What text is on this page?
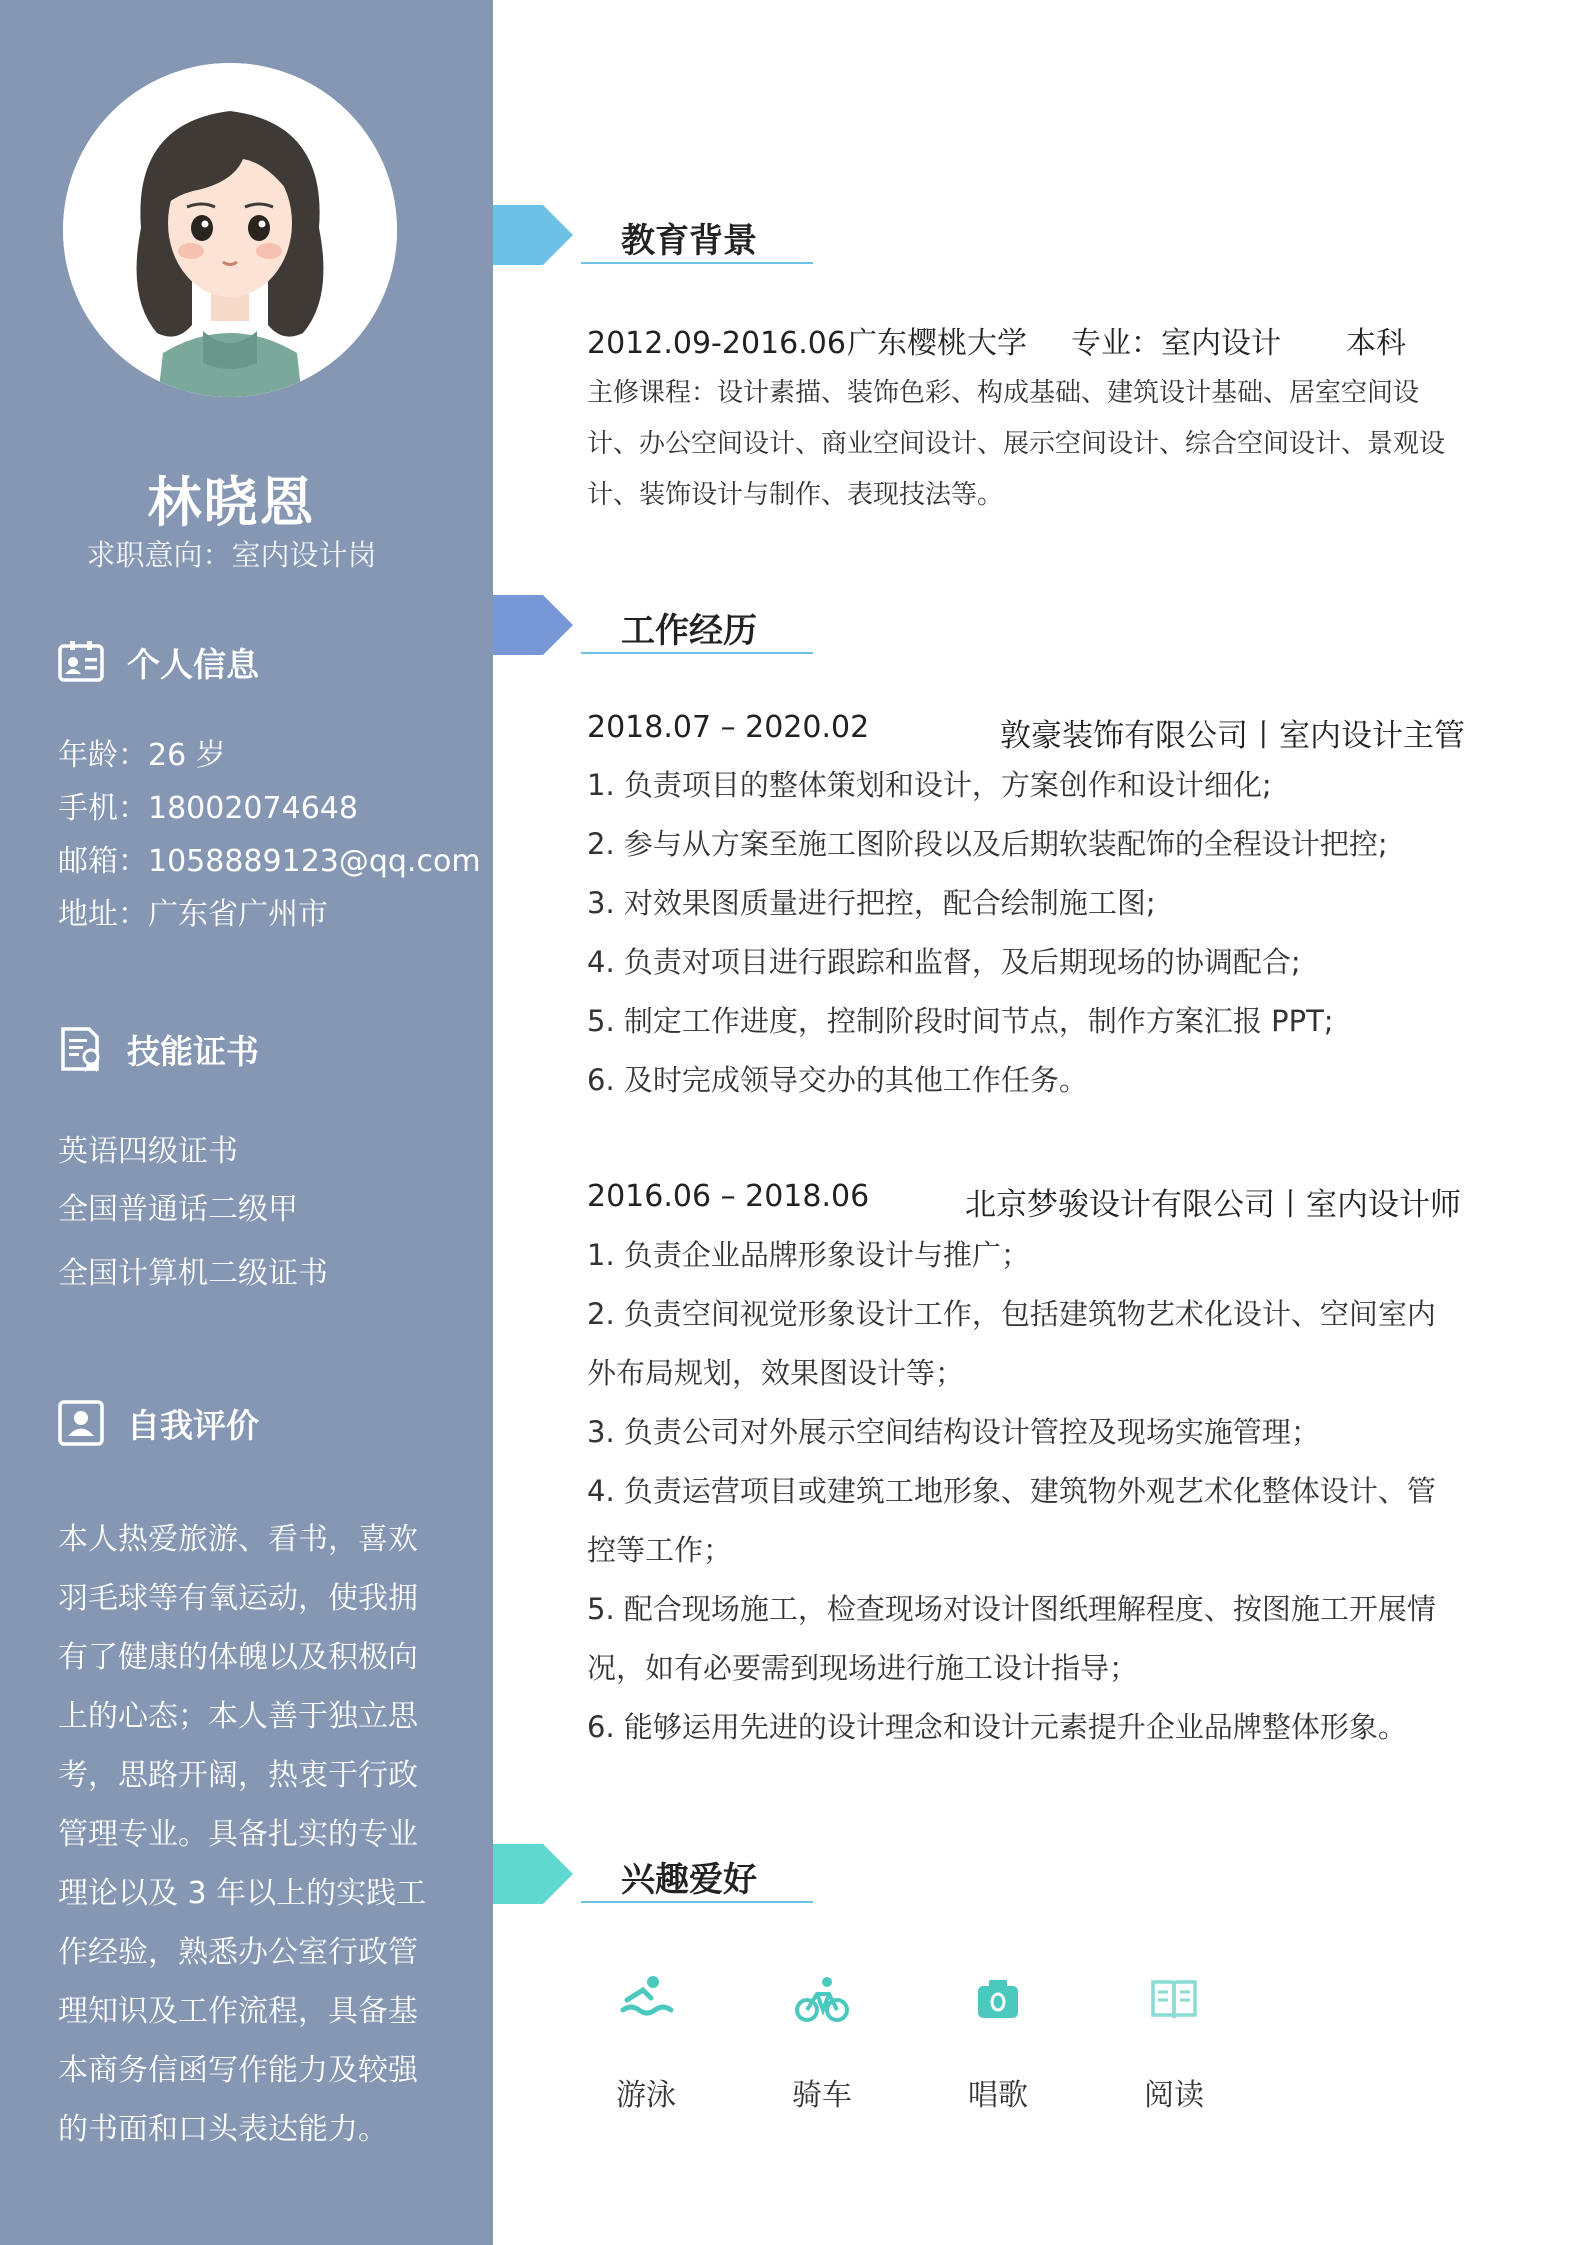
林晓恩
求职意向：室内设计岗
个人信息
年龄：26 岁
手机：18002074648
邮箱：1058889123@qq.com
地址：广东省广州市
技能证书
英语四级证书
全国普通话二级甲
全国计算机二级证书
自我评价
本人热爱旅游、看书，喜欢羽毛球等有氧运动，使我拥有了健康的体魄以及积极向上的心态；本人善于独立思考，思路开阔，热衷于行政管理专业。具备扎实的专业理论以及 3 年以上的实践工作经验，熟悉办公室行政管理知识及工作流程，具备基本商务信函写作能力及较强的书面和口头表达能力。
教育背景
2012.09-2016.06广东樱桃大学 专业：室内设计 本科
主修课程：设计素描、装饰色彩、构成基础、建筑设计基础、居室空间设计、办公空间设计、商业空间设计、展示空间设计、综合空间设计、景观设计、装饰设计与制作、表现技法等。
工作经历
2018.07 – 2020.02	敦豪装饰有限公司丨室内设计主管
1. 负责项目的整体策划和设计，方案创作和设计细化;
2. 参与从方案至施工图阶段以及后期软装配饰的全程设计把控;
3. 对效果图质量进行把控，配合绘制施工图;
4. 负责对项目进行跟踪和监督，及后期现场的协调配合;
5. 制定工作进度，控制阶段时间节点，制作方案汇报 PPT;
6. 及时完成领导交办的其他工作任务。
2016.06 – 2018.06	北京梦骏设计有限公司丨室内设计师
1. 负责企业品牌形象设计与推广；
2. 负责空间视觉形象设计工作，包括建筑物艺术化设计、空间室内外布局规划，效果图设计等；
3. 负责公司对外展示空间结构设计管控及现场实施管理；
4. 负责运营项目或建筑工地形象、建筑物外观艺术化整体设计、管控等工作；
5. 配合现场施工，检查现场对设计图纸理解程度、按图施工开展情况，如有必要需到现场进行施工设计指导；
6. 能够运用先进的设计理念和设计元素提升企业品牌整体形象。
兴趣爱好
游泳	骑车	唱歌	阅读
